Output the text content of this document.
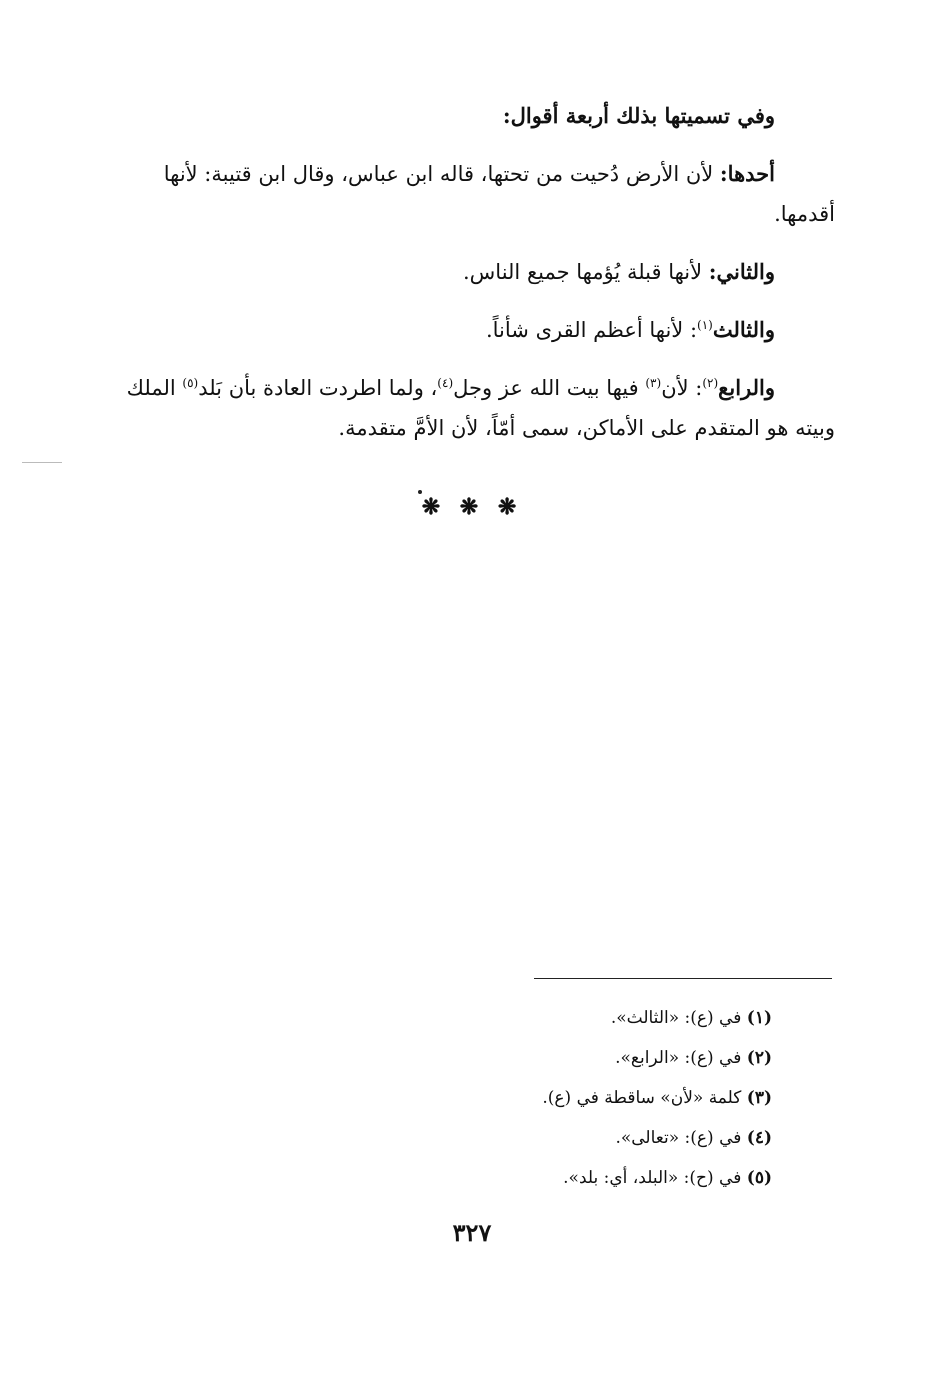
وفي تسميتها بذلك أربعة أقوال:

أحدها: لأن الأرض دُحيت من تحتها، قاله ابن عباس، وقال ابن قتيبة: لأنها أقدمها.

والثاني: لأنها قبلة يُؤمها جميع الناس.

والثالث$^{(١)}$: لأنها أعظم القرى شأناً.

والرابع$^{(٢)}$: لأن$^{(٣)}$ فيها بيت الله عز وجل$^{(٤)}$، ولما اطردت العادة بأن بَلد$^{(٥)}$ الملك وبيته هو المتقدم على الأماكن، سمى أمّاً، لأن الأمَّ متقدمة.

❋ ❋ ❋

(١) في (ع): «الثالث».

(٢) في (ع): «الرابع».

(٣) كلمة «لأن» ساقطة في (ع).

(٤) في (ع): «تعالى».

(٥) في (ح): «البلد، أي: بلد».

٣٢٧
